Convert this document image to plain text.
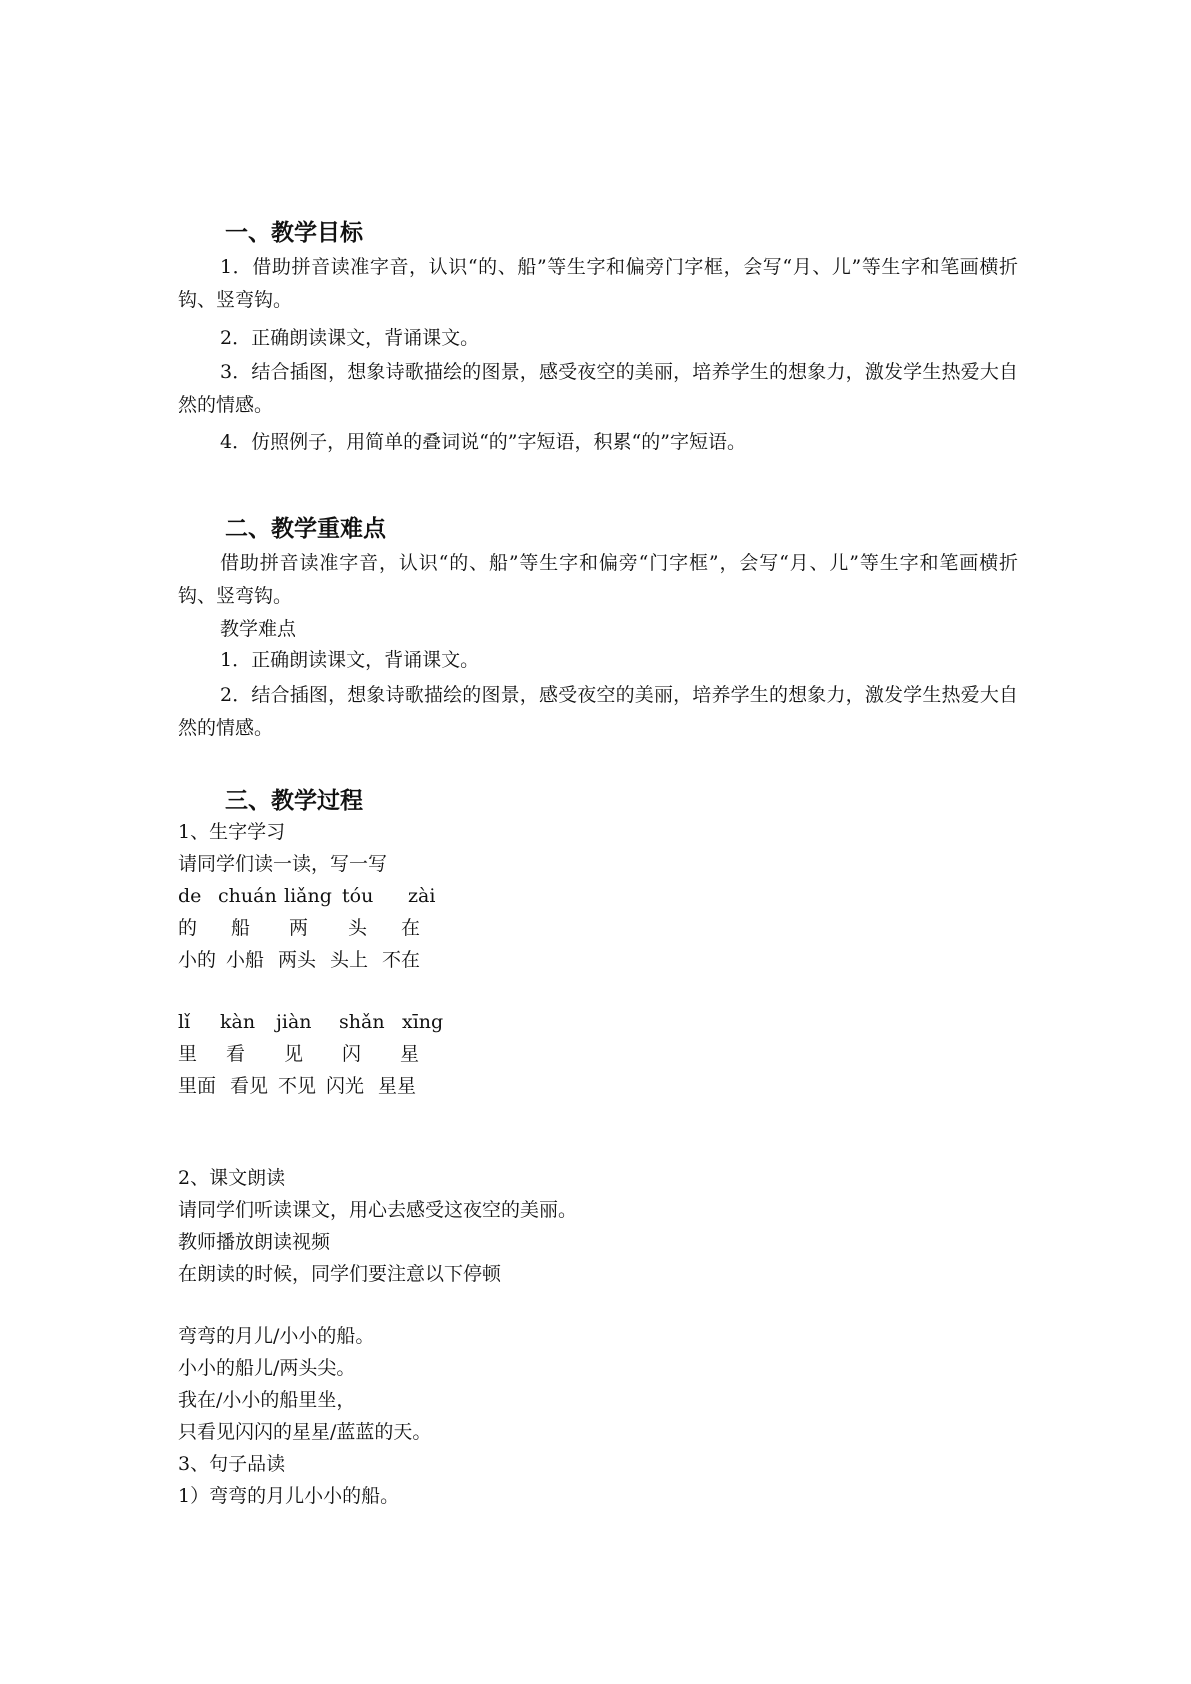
一、教学目标
1．借助拼音读准字音，认识“的、船”等生字和偏旁门字框，会写“月、儿”等生字和笔画横折钩、竖弯钩。
2．正确朗读课文，背诵课文。
3．结合插图，想象诗歌描绘的图景，感受夜空的美丽，培养学生的想象力，激发学生热爱大自然的情感。
4．仿照例子，用简单的叠词说“的”字短语，积累“的”字短语。
二、教学重难点
借助拼音读准字音，认识“的、船”等生字和偏旁“门字框”，会写“月、儿”等生字和笔画横折钩、竖弯钩。
教学难点
1．正确朗读课文，背诵课文。
2．结合插图，想象诗歌描绘的图景，感受夜空的美丽，培养学生的想象力，激发学生热爱大自然的情感。
三、教学过程
1、生字学习
请同学们读一读，写一写
de chuán liǎng tóu zài
的 船 两 头 在
小的 小船 两头 头上 不在
lǐ kàn jiàn shǎn xīng
里 看 见 闪 星
里面 看见 不见 闪光 星星
2、课文朗读
请同学们听读课文，用心去感受这夜空的美丽。
教师播放朗读视频
在朗读的时候，同学们要注意以下停顿
弯弯的月儿/小小的船。
小小的船儿/两头尖。
我在/小小的船里坐，
只看见闪闪的星星/蓝蓝的天。
3、句子品读
1）弯弯的月儿小小的船。
